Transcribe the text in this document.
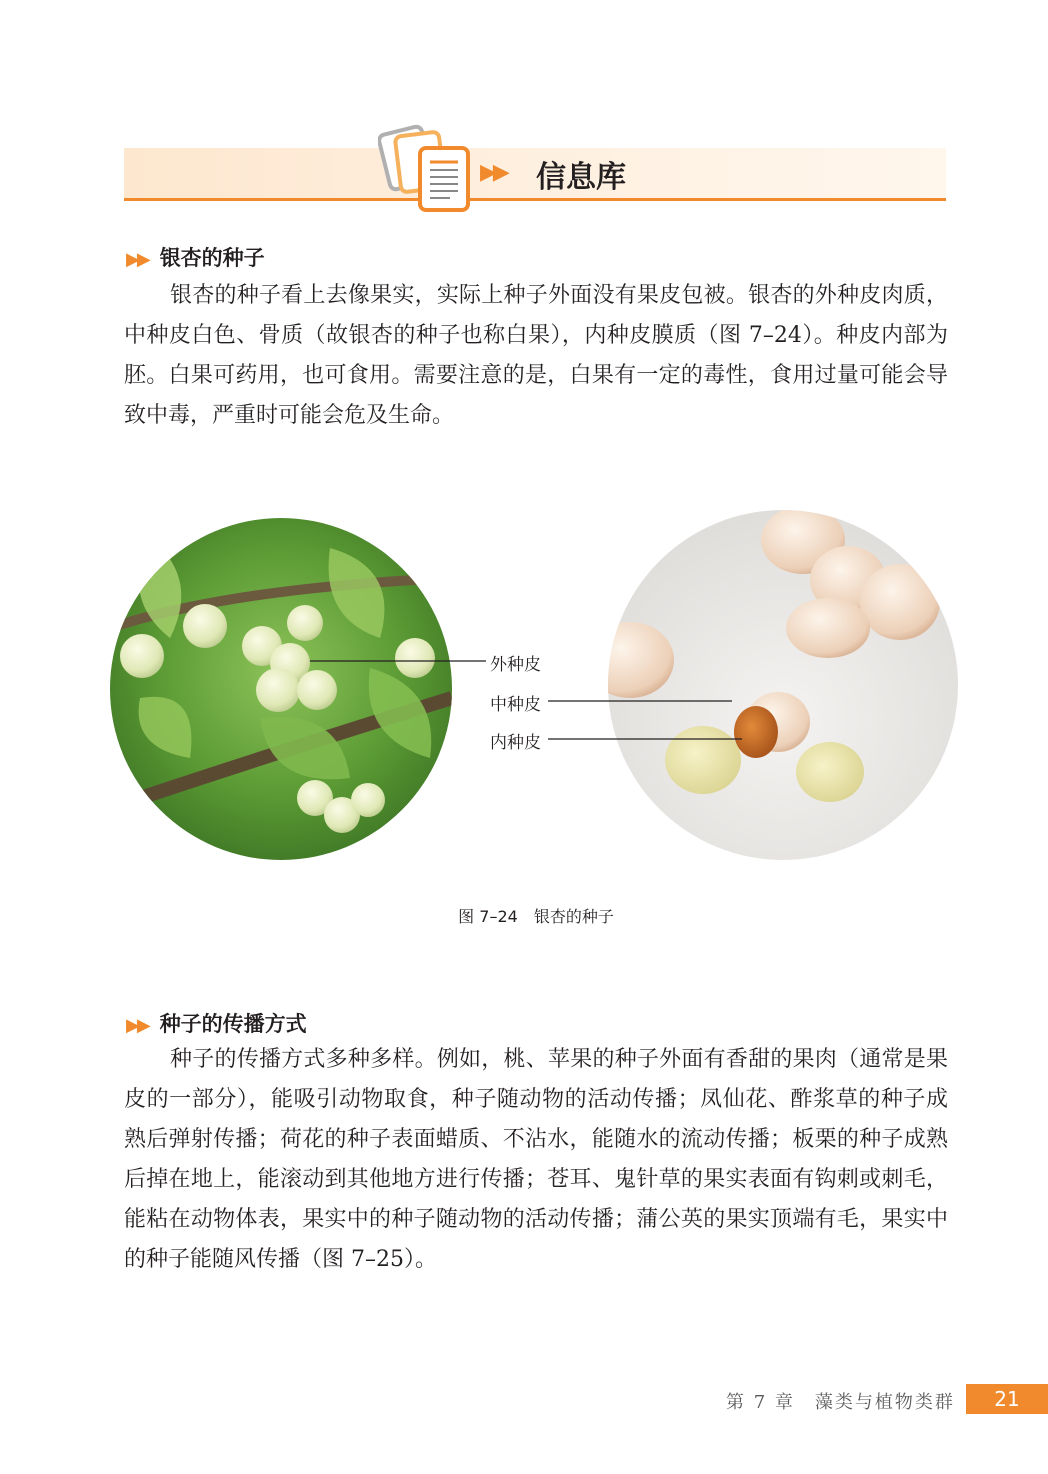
▶▶ 信息库
▶▶ 银杏的种子

银杏的种子看上去像果实，实际上种子外面没有果皮包被。银杏的外种皮肉质，中种皮白色、骨质（故银杏的种子也称白果），内种皮膜质（图 7–24）。种皮内部为胚。白果可药用，也可食用。需要注意的是，白果有一定的毒性，食用过量可能会导致中毒，严重时可能会危及生命。

外种皮
中种皮
内种皮
图 7–24 银杏的种子
▶▶ 种子的传播方式

种子的传播方式多种多样。例如，桃、苹果的种子外面有香甜的果肉（通常是果皮的一部分），能吸引动物取食，种子随动物的活动传播；凤仙花、酢浆草的种子成熟后弹射传播；荷花的种子表面蜡质、不沾水，能随水的流动传播；板栗的种子成熟后掉在地上，能滚动到其他地方进行传播；苍耳、鬼针草的果实表面有钩刺或刺毛，能粘在动物体表，果实中的种子随动物的活动传播；蒲公英的果实顶端有毛，果实中的种子能随风传播（图 7–25）。

第 7 章　藻类与植物类群	21
